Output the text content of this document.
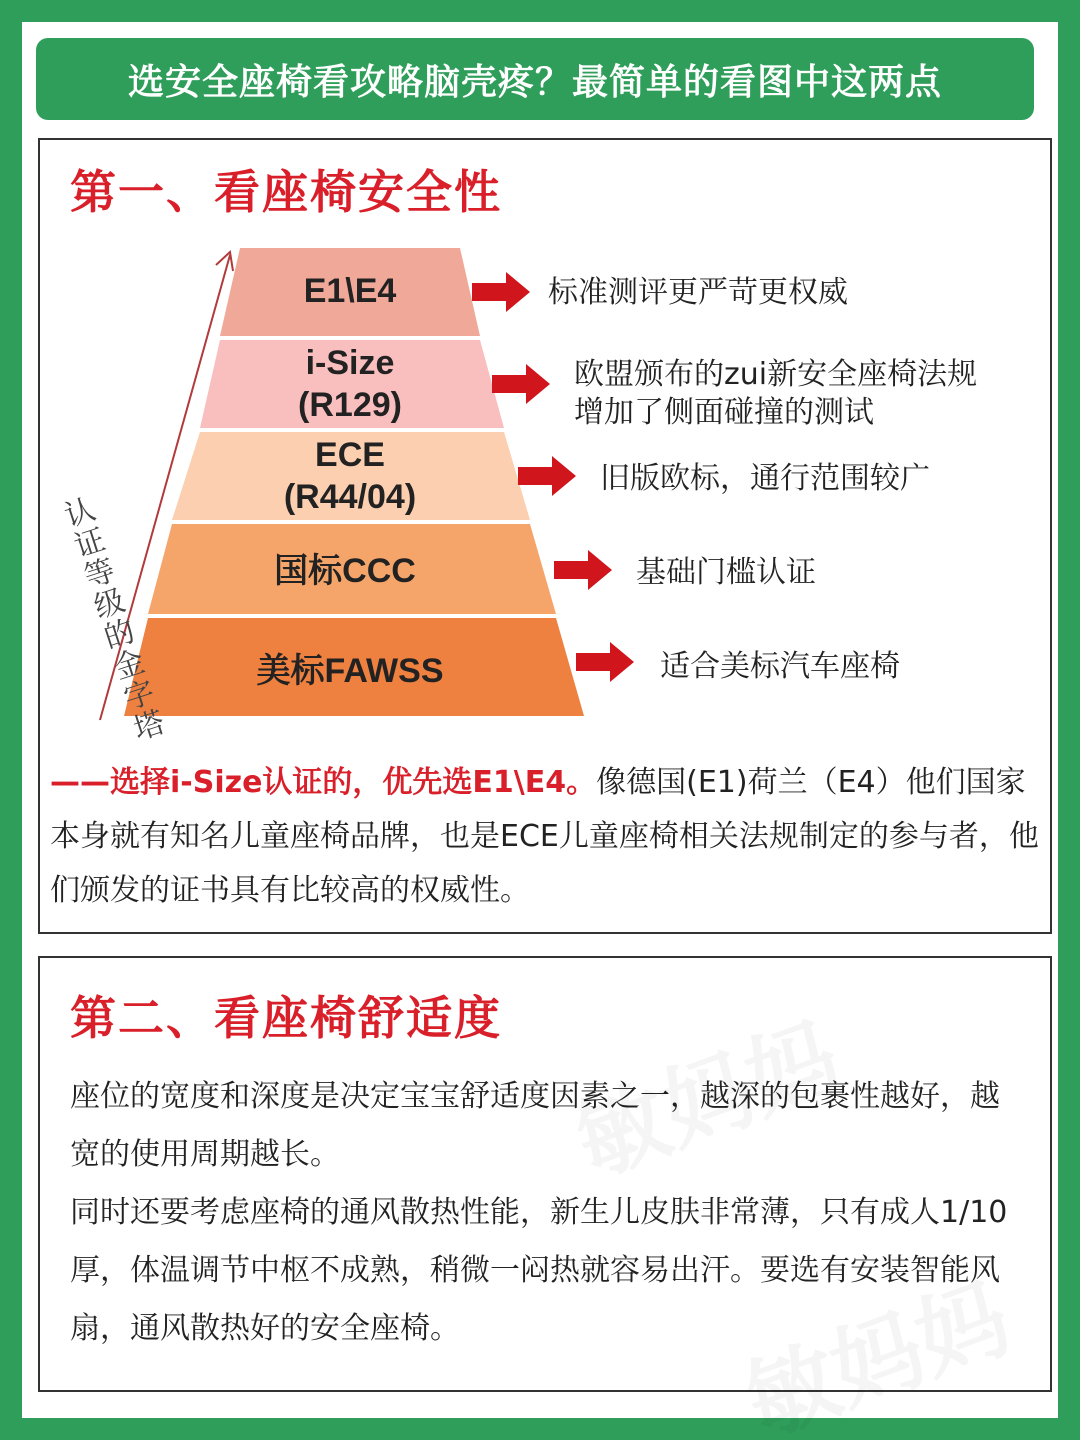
选安全座椅看攻略脑壳疼？最简单的看图中这两点
第一、看座椅安全性
认证等级的金字塔
E1\E4
i-Size
(R129)
ECE
(R44/04)
国标CCC
美标FAWSS
标准测评更严苛更权威
欧盟颁布的zui新安全座椅法规
增加了侧面碰撞的测试
旧版欧标，通行范围较广
基础门槛认证
适合美标汽车座椅
——选择i-Size认证的，优先选E1\E4。像德国(E1)荷兰（E4）他们国家本身就有知名儿童座椅品牌，也是ECE儿童座椅相关法规制定的参与者，他们颁发的证书具有比较高的权威性。
第二、看座椅舒适度
座位的宽度和深度是决定宝宝舒适度因素之一，越深的包裹性越好，越宽的使用周期越长。
同时还要考虑座椅的通风散热性能，新生儿皮肤非常薄，只有成人1/10厚，体温调节中枢不成熟，稍微一闷热就容易出汗。要选有安装智能风扇，通风散热好的安全座椅。
